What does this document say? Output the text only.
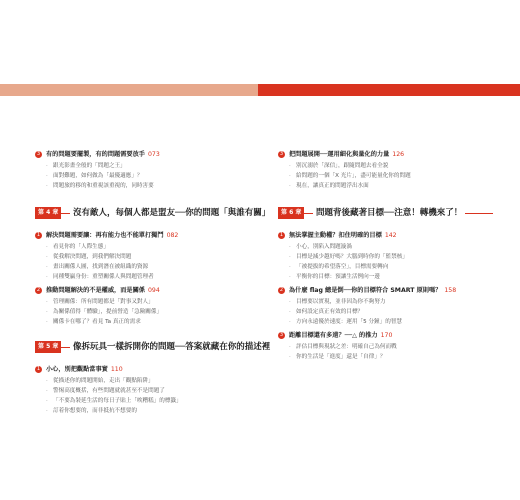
3 有的問題要擺製，有的問題需要放手 073
· 跟光影畫全般的「問題之王」
· 面對難題，如何做為「最優適應」？
· 問題旅的移的和重視該重視的，同時害要
第 4 章	沒有敵人，每個人都是盟友──你的問題「與誰有關」
1 解決問題需要讓：再有能力也不能單打獨鬥 082
· 看見你的「人際生態」
· 從我解決問題，到我們解決問題
· 畫出關係人圖，找到潛在被組織的資源
· 同種雙贏身份：重塑關係人與問題管理者
2 推動問題解決的不是權威，而是關係 094
· 管理關係：所有問題都是「對事又對人」
· 為關係值得「體驗」，提前營造「急險關係」
· 關係卡在哪了？看見 Ta 真正的需求
第 5 章	像拆玩具一樣拆開你的問題──答案就藏在你的描述裡
1 小心，別把觀點當事實 110
· 從描述你的問題開始，走出「觀點陷阱」
· 警惕高度概括，有些問題就就甚至不是問題了
· 「不要為裝延生活的每日子貼上「唉糟糕」的標籤」
· 訂着你想要的，而非抵抗不想要的
3 把問題展開──運用細化與量化的力量 126
· 別沉溺於「深信」，跟隨問題去看全貌
· 給問題的一個「X 光片」，盡可能量化你的問題
· 現在，讓真正的問題浮出水面
第 6 章	問題背後藏著目標──注意！轉機來了！
1 無法掌握主動權？扣住明確的目標 142
· 小心，別陷入問題漩渦
· 目標是減少越好嗎？大腦到時你的「監禁核」
· 「被提拔的希望落空」，目標需要轉向
· 平衡你的目標：預讓生活例向一邊
2 為什麼 flag 總是倒──你的目標符合 SMART 原則嗎？ 158
· 目標要以實現，並非因為你不夠努力
· 如何設定真正有效的目標？
· 方向永遠優於速度：運用「5 分鐘」的智慧
3 距離目標還有多遠？──△ 的推力 170
· 評估目標與現狀之差：明確自己為何而戰
· 你的生活是「進度」還是「自律」？
